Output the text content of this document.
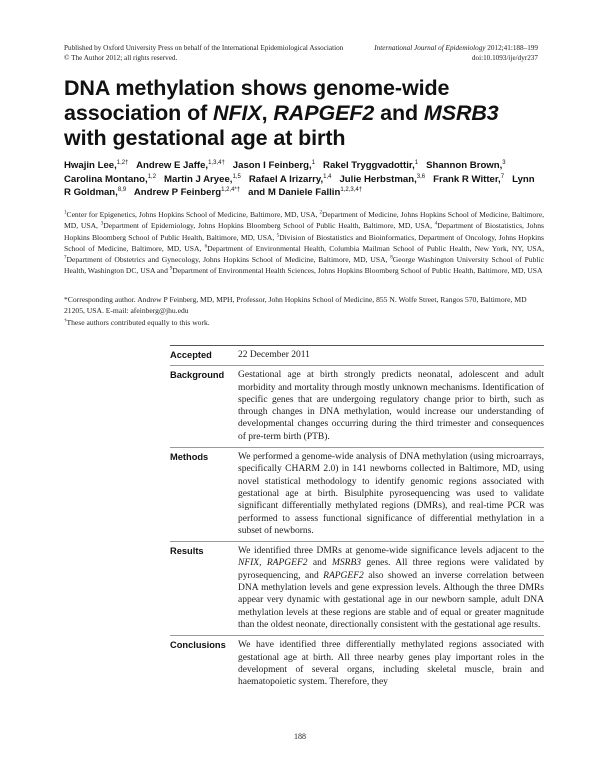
Published by Oxford University Press on behalf of the International Epidemiological Association
© The Author 2012; all rights reserved.
International Journal of Epidemiology 2012;41:188–199
doi:10.1093/ije/dyr237
DNA methylation shows genome-wide association of NFIX, RAPGEF2 and MSRB3 with gestational age at birth
Hwajin Lee,$^{1,2\dagger}$ Andrew E Jaffe,$^{1,3,4\dagger}$ Jason I Feinberg,$^1$ Rakel Tryggvadottir,$^1$ Shannon Brown,$^3$   Carolina Montano,$^{1,2}$ Martin J Aryee,$^{1,5}$ Rafael A Irizarry,$^{1,4}$ Julie Herbstman,$^{3,6}$ Frank R Witter,$^7$ Lynn R Goldman,$^{8,9}$ Andrew P Feinberg$^{1,2,4*\dagger}$ and M Daniele Fallin$^{1,2,3,4\dagger}$
$^1$Center for Epigenetics, Johns Hopkins School of Medicine, Baltimore, MD, USA, $^2$Department of Medicine, Johns Hopkins School of Medicine, Baltimore, MD, USA, $^3$Department of Epidemiology, Johns Hopkins Bloomberg School of Public Health, Baltimore, MD, USA, $^4$Department of Biostatistics, Johns Hopkins Bloomberg School of Public Health, Baltimore, MD, USA, $^5$Division of Biostatistics and Bioinformatics, Department of Oncology, Johns Hopkins School of Medicine, Baltimore, MD, USA, $^6$Department of Environmental Health, Columbia Mailman School of Public Health, New York, NY, USA, $^7$Department of Obstetrics and Gynecology, Johns Hopkins School of Medicine, Baltimore, MD, USA, $^8$George Washington University School of Public Health, Washington DC, USA and $^9$Department of Environmental Health Sciences, Johns Hopkins Bloomberg School of Public Health, Baltimore, MD, USA
*Corresponding author. Andrew P Feinberg, MD, MPH, Professor, John Hopkins School of Medicine, 855 N. Wolfe Street, Rangos 570, Baltimore, MD 21205, USA. E-mail: afeinberg@jhu.edu
†These authors contributed equally to this work.
Accepted	22 December 2011
Background	Gestational age at birth strongly predicts neonatal, adolescent and adult morbidity and mortality through mostly unknown mechanisms. Identification of specific genes that are undergoing regulatory change prior to birth, such as through changes in DNA methylation, would increase our understanding of developmental changes occurring during the third trimester and consequences of pre-term birth (PTB).
Methods	We performed a genome-wide analysis of DNA methylation (using microarrays, specifically CHARM 2.0) in 141 newborns collected in Baltimore, MD, using novel statistical methodology to identify genomic regions associated with gestational age at birth. Bisulphite pyrosequencing was used to validate significant differentially methylated regions (DMRs), and real-time PCR was performed to assess functional significance of differential methylation in a subset of newborns.
Results	We identified three DMRs at genome-wide significance levels adjacent to the NFIX, RAPGEF2 and MSRB3 genes. All three regions were validated by pyrosequencing, and RAPGEF2 also showed an inverse correlation between DNA methylation levels and gene expression levels. Although the three DMRs appear very dynamic with gestational age in our newborn sample, adult DNA methylation levels at these regions are stable and of equal or greater magnitude than the oldest neonate, directionally consistent with the gestational age results.
Conclusions	We have identified three differentially methylated regions associated with gestational age at birth. All three nearby genes play important roles in the development of several organs, including skeletal muscle, brain and haematopoietic system. Therefore, they
188
